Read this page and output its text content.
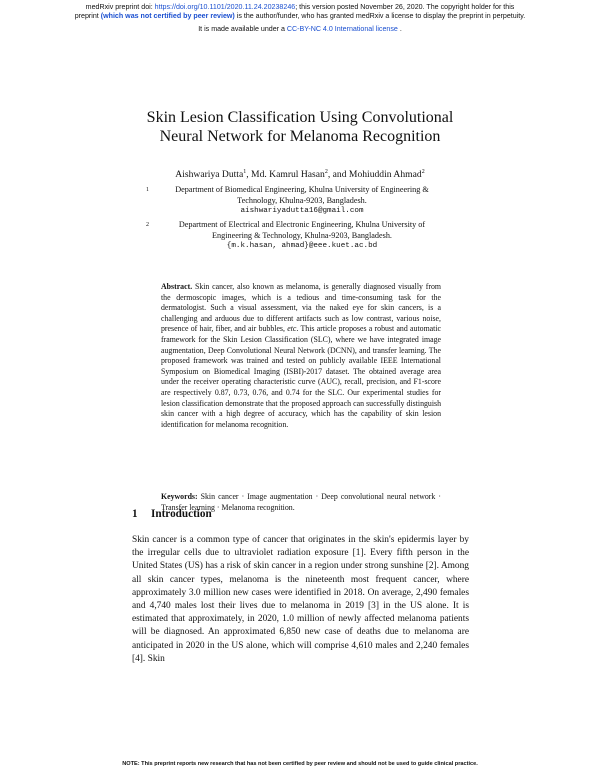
medRxiv preprint doi: https://doi.org/10.1101/2020.11.24.20238246; this version posted November 26, 2020. The copyright holder for this
preprint (which was not certified by peer review) is the author/funder, who has granted medRxiv a license to display the preprint in perpetuity.
It is made available under a CC-BY-NC 4.0 International license .
Skin Lesion Classification Using Convolutional
Neural Network for Melanoma Recognition
Aishwariya Dutta$^1$, Md. Kamrul Hasan$^2$, and Mohiuddin Ahmad$^2$
1	Department of Biomedical Engineering, Khulna University of Engineering &
Technology, Khulna-9203, Bangladesh.
aishwariyadutta16@gmail.com
2	Department of Electrical and Electronic Engineering, Khulna University of
Engineering & Technology, Khulna-9203, Bangladesh.
{m.k.hasan, ahmad}@eee.kuet.ac.bd
Abstract. Skin cancer, also known as melanoma, is generally diagnosed visually from the dermoscopic images, which is a tedious and time-consuming task for the dermatologist. Such a visual assessment, via the naked eye for skin cancers, is a challenging and arduous due to different artifacts such as low contrast, various noise, presence of hair, fiber, and air bubbles, etc. This article proposes a robust and automatic framework for the Skin Lesion Classification (SLC), where we have integrated image augmentation, Deep Convolutional Neural Network (DCNN), and transfer learning. The proposed framework was trained and tested on publicly available IEEE International Symposium on Biomedical Imaging (ISBI)-2017 dataset. The obtained average area under the receiver operating characteristic curve (AUC), recall, precision, and F1-score are respectively 0.87, 0.73, 0.76, and 0.74 for the SLC. Our experimental studies for lesion classification demonstrate that the proposed approach can successfully distinguish skin cancer with a high degree of accuracy, which has the capability of skin lesion identification for melanoma recognition.
Keywords: Skin cancer · Image augmentation · Deep convolutional neural network · Transfer learning · Melanoma recognition.
1 Introduction
Skin cancer is a common type of cancer that originates in the skin's epidermis layer by the irregular cells due to ultraviolet radiation exposure [1]. Every fifth person in the United States (US) has a risk of skin cancer in a region under strong sunshine [2]. Among all skin cancer types, melanoma is the nineteenth most frequent cancer, where approximately 3.0 million new cases were identified in 2018. On average, 2,490 females and 4,740 males lost their lives due to melanoma in 2019 [3] in the US alone. It is estimated that approximately, in 2020, 1.0 million of newly affected melanoma patients will be diagnosed. An approximated 6,850 new case of deaths due to melanoma are anticipated in 2020 in the US alone, which will comprise 4,610 males and 2,240 females [4]. Skin
NOTE: This preprint reports new research that has not been certified by peer review and should not be used to guide clinical practice.
